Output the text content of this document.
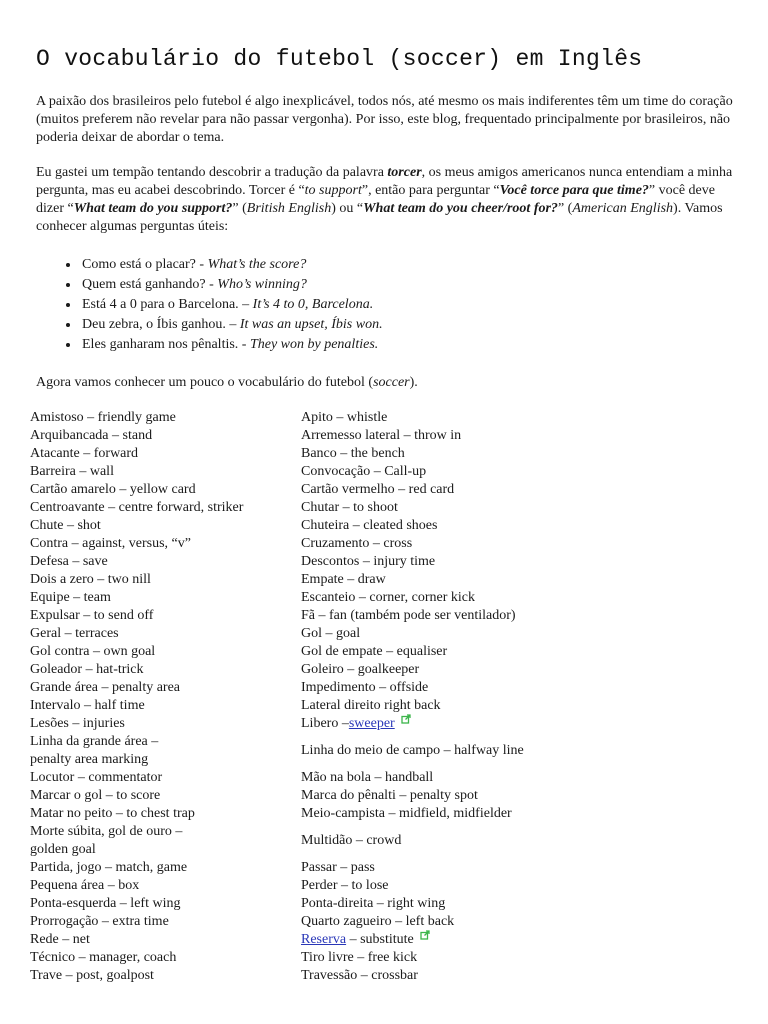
O vocabulário do futebol (soccer) em Inglês

A paixão dos brasileiros pelo futebol é algo inexplicável, todos nós, até mesmo os mais indiferentes têm um time do coração (muitos preferem não revelar para não passar vergonha). Por isso, este blog, frequentado principalmente por brasileiros, não poderia deixar de abordar o tema.

Eu gastei um tempão tentando descobrir a tradução da palavra torcer, os meus amigos americanos nunca entendiam a minha pergunta, mas eu acabei descobrindo. Torcer é “to support”, então para perguntar “Você torce para que time?” você deve dizer “What team do you support?” (British English) ou “What team do you cheer/root for?” (American English). Vamos conhecer algumas perguntas úteis:

• Como está o placar? - What’s the score?
• Quem está ganhando? - Who’s winning?
• Está 4 a 0 para o Barcelona. – It’s 4 to 0, Barcelona.
• Deu zebra, o Íbis ganhou. – It was an upset, Íbis won.
• Eles ganharam nos pênaltis. - They won by penalties.

Agora vamos conhecer um pouco o vocabulário do futebol (soccer).

Amistoso – friendly game
Arquibancada – stand
Atacante – forward
Barreira – wall
Cartão amarelo – yellow card
Centroavante – centre forward, striker
Chute – shot
Contra – against, versus, “v”
Defesa – save
Dois a zero – two nill
Equipe – team
Expulsar – to send off
Geral – terraces
Gol contra – own goal
Goleador – hat-trick
Grande área – penalty area
Intervalo – half time
Lesões – injuries
Linha da grande área – penalty area marking
Locutor – commentator
Marcar o gol – to score
Matar no peito – to chest trap
Morte súbita, gol de ouro – golden goal
Partida, jogo – match, game
Pequena área – box
Ponta-esquerda – left wing
Prorrogação – extra time
Rede – net
Técnico – manager, coach
Trave – post, goalpost
Apito – whistle
Arremesso lateral – throw in
Banco – the bench
Convocação – Call-up
Cartão vermelho – red card
Chutar – to shoot
Chuteira – cleated shoes
Cruzamento – cross
Descontos – injury time
Empate – draw
Escanteio – corner, corner kick
Fã – fan (também pode ser ventilador)
Gol – goal
Gol de empate – equaliser
Goleiro – goalkeeper
Impedimento – offside
Lateral direito right back
Libero – sweeper
Linha do meio de campo – halfway line
Mão na bola – handball
Marca do pênalti – penalty spot
Meio-campista – midfield, midfielder
Multidão – crowd
Passar – pass
Perder – to lose
Ponta-direita – right wing
Quarto zagueiro – left back
Reserva – substitute
Tiro livre – free kick
Travessão – crossbar
